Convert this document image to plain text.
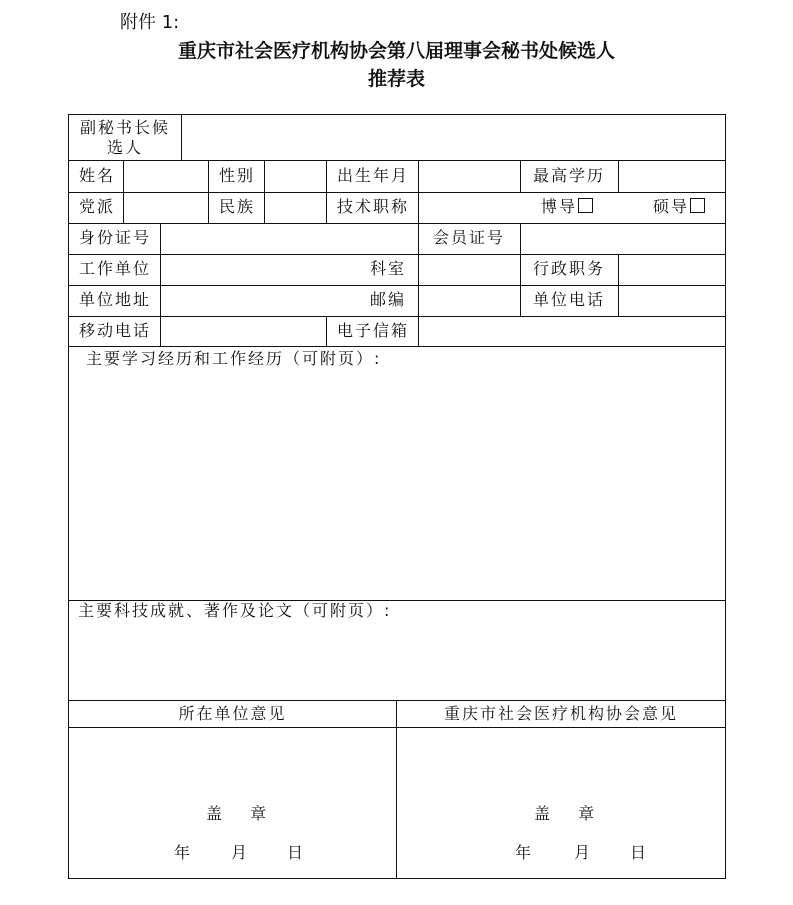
附件 1:
重庆市社会医疗机构协会第八届理事会秘书处候选人
推荐表
副秘书长候
选人
姓名	性别	出生年月	最高学历
党派	民族	技术职称	博导	硕导
身份证号	会员证号
工作单位	科室	行政职务
单位地址	邮编	单位电话
移动电话	电子信箱
主要学习经历和工作经历（可附页）:
主要科技成就、著作及论文（可附页）:
所在单位意见	重庆市社会医疗机构协会意见
盖  章
年 月 日
盖  章
年	月 日
